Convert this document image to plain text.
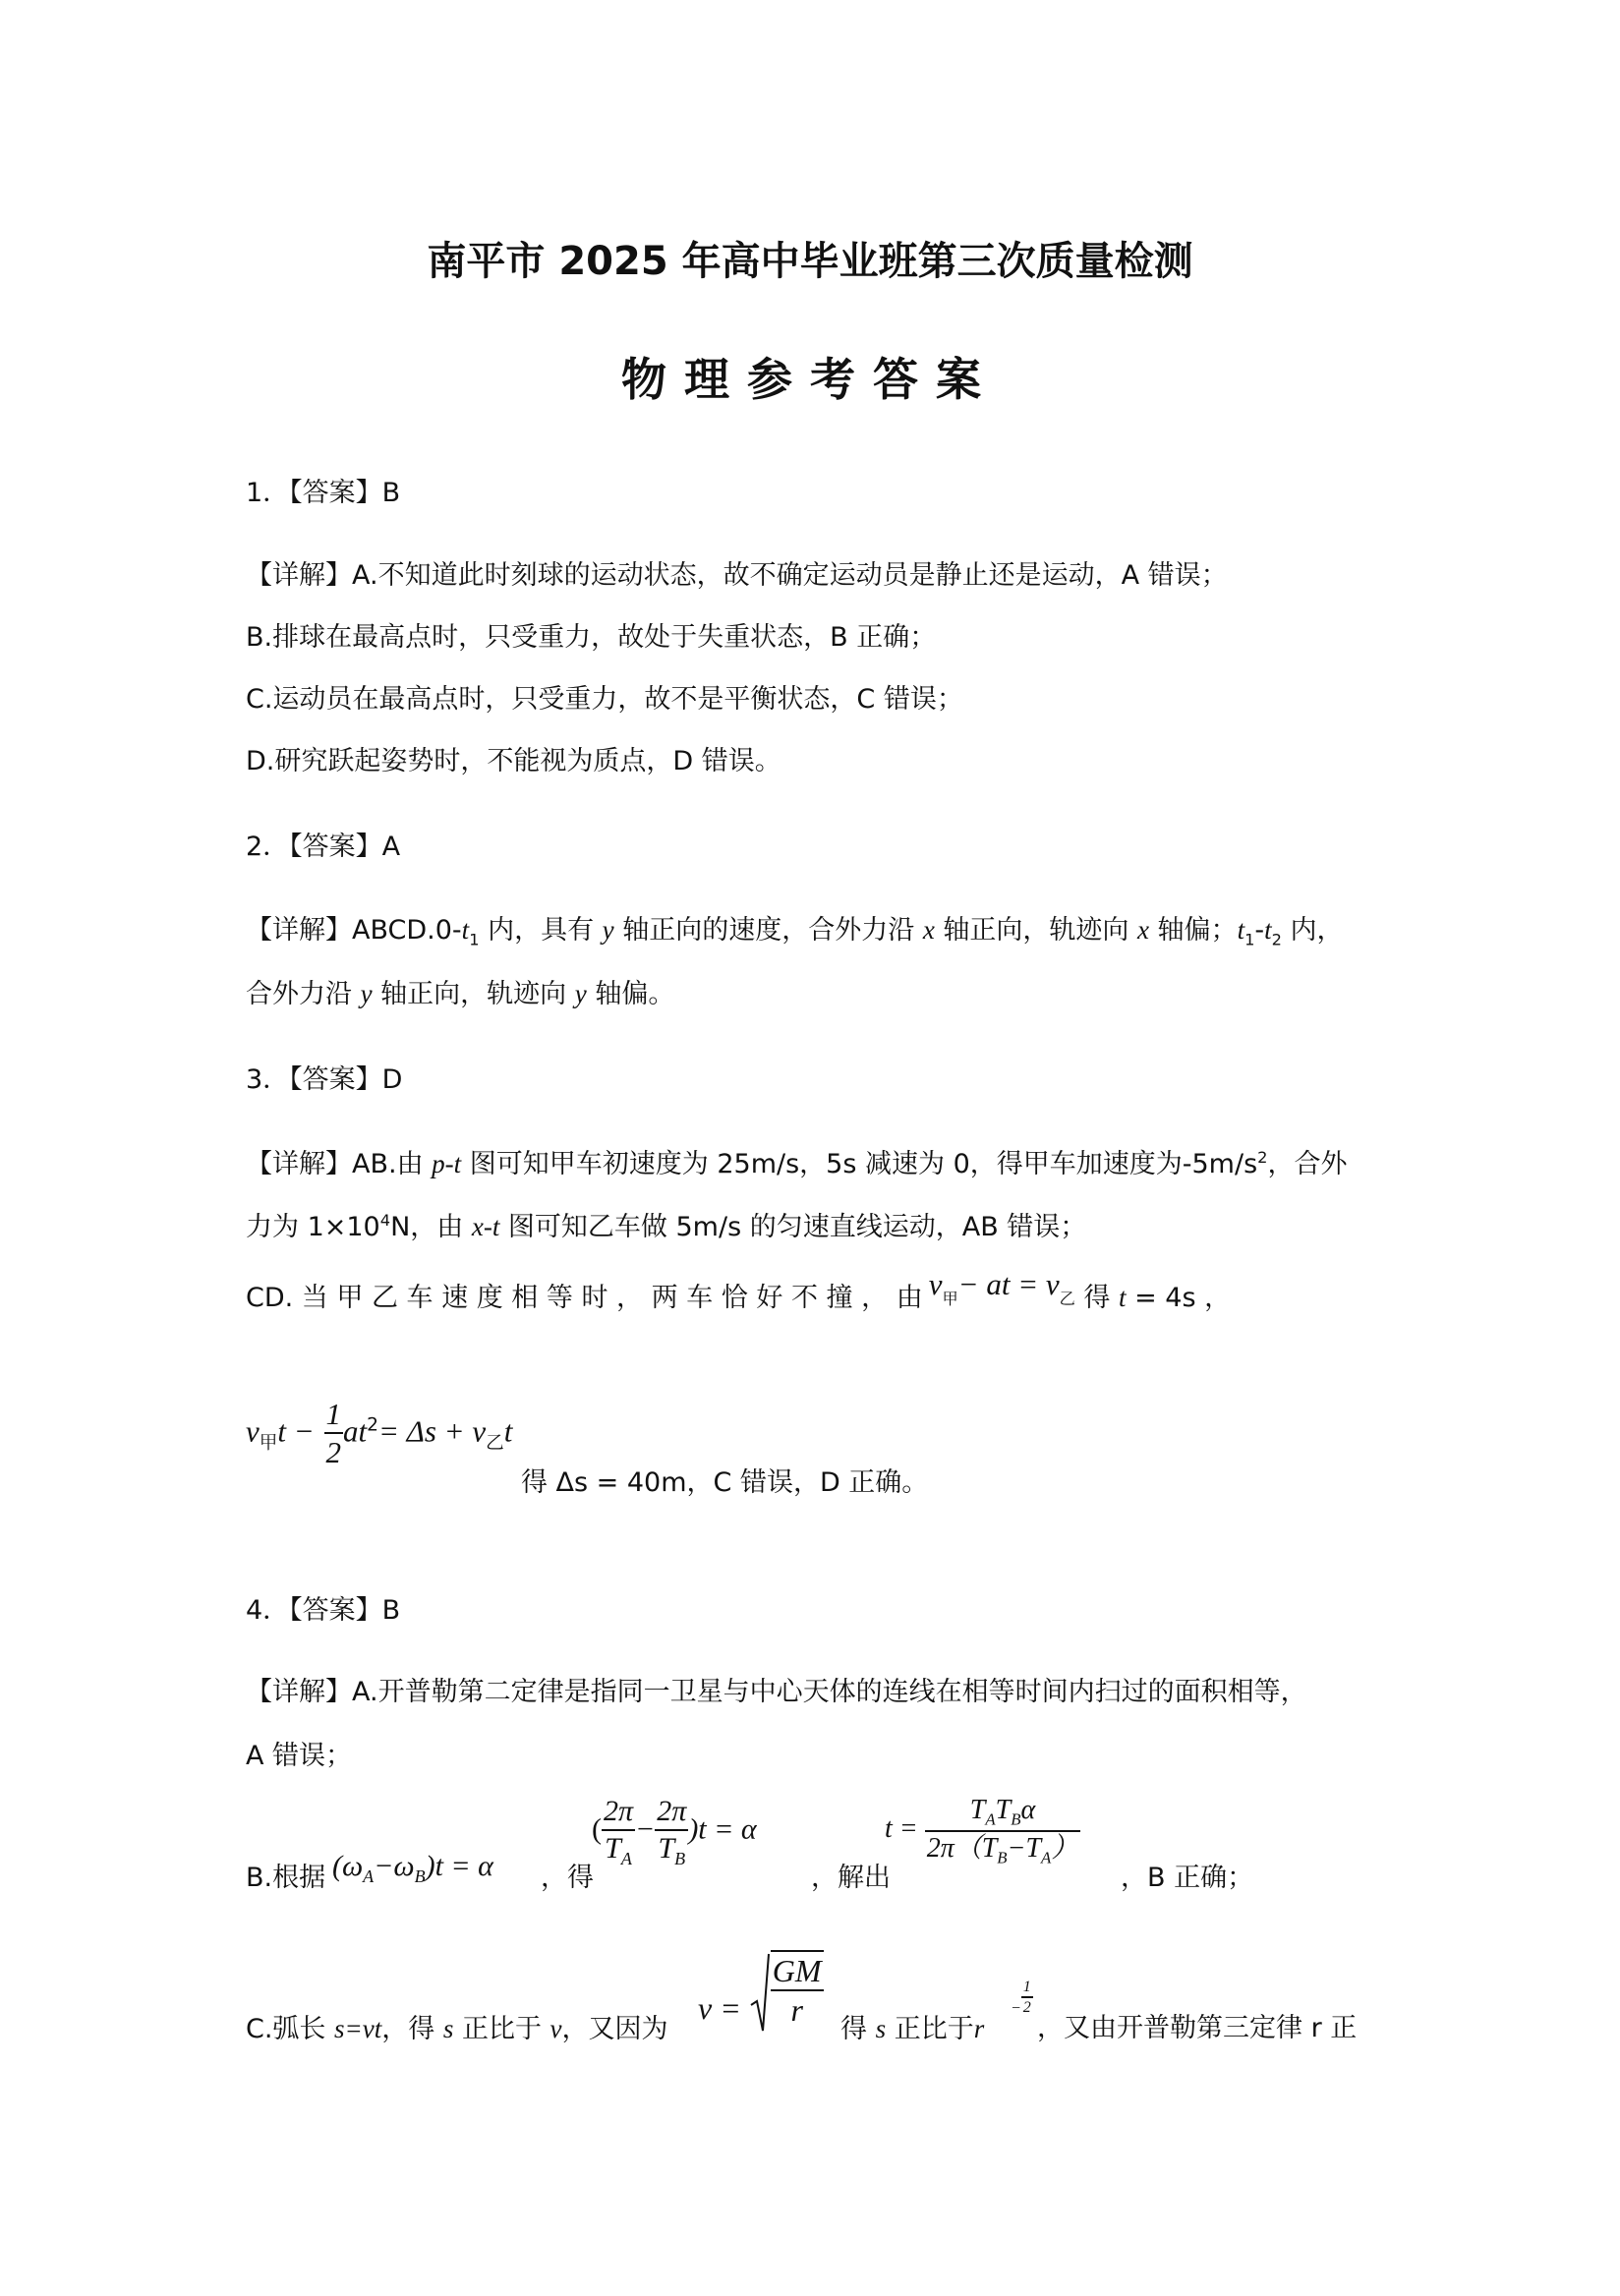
南平市 2025 年高中毕业班第三次质量检测
物理参考答案
1．【答案】B
【详解】A.不知道此时刻球的运动状态，故不确定运动员是静止还是运动，A 错误；
B.排球在最高点时，只受重力，故处于失重状态，B 正确；
C.运动员在最高点时，只受重力，故不是平衡状态，C 错误；
D.研究跃起姿势时，不能视为质点，D 错误。
2．【答案】A
【详解】$ABCD.0-t_1$ 内，具有 y 轴正向的速度，合外力沿 x 轴正向，轨迹向 x 轴偏；$t_1-t_2$ 内，
合外力沿 y 轴正向，轨迹向 y 轴偏。
3．【答案】D
【详解】AB.由 p-t 图可知甲车初速度为 25m/s，5s 减速为 0，得甲车加速度为$-5m/s^2$，合外
力为 $1\times 10^4N$，由 x-t 图可知乙车做 5m/s 的匀速直线运动，AB 错误；
CD. 当 甲 乙 车 速 度 相 等 时 ， 两 车 恰 好 不 撞 ， 由 $v_甲-$ at = $v_乙$ 得 t = 4s ，
$v_甲t - \frac{1}{2} at^2= \Delta s + v_乙t$ 得 Δs = 40m，C 错误，D 正确。
4．【答案】B
【详解】A.开普勒第二定律是指同一卫星与中心天体的连线在相等时间内扫过的面积相等，
A 错误；
B.根据 $(\omega_A-\omega_B)t = \alpha$ ，得
( $\frac{2\pi}{T_A} - \frac{2\pi}{T_B} )t = \alpha$
，解出
$t = \frac{T_AT_B\alpha}{2\pi(T_B-T_A)}$
，B 正确；
C.弧长 s=vt，得 s 正比于 v，又因为
$v = \frac{GM}{r}$ 得 s 正比于r
− $\frac{1}{2}$
，又由开普勒第三定律 r 正
